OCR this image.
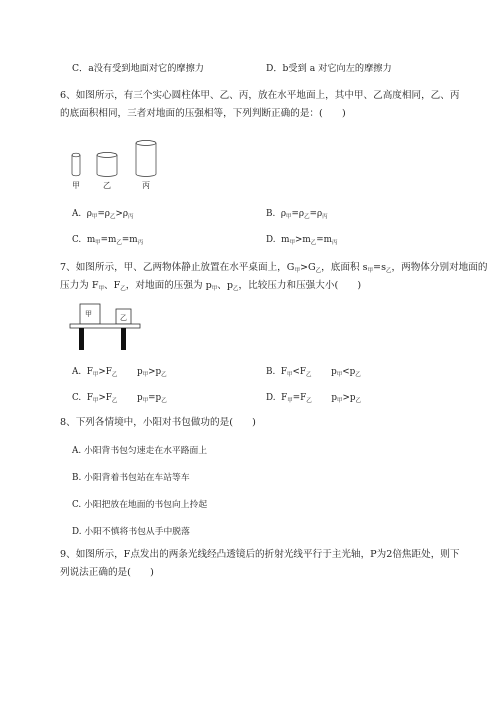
C．a没有受到地面对它的摩擦力	D．b受到 a 对它向左的摩擦力
6、如图所示，有三个实心圆柱体甲、乙、丙，放在水平地面上，其中甲、乙高度相同，乙、丙的底面积相同，三者对地面的压强相等，下列判断正确的是：(　　)
甲	乙	丙
A. $\rho_甲=\rho_乙>\rho_丙$	B. $\rho_甲=\rho_乙=\rho_丙$
C. $m_甲=m_乙=m_丙$	D. $m_甲>m_乙=m_丙$
7、如图所示，甲、乙两物体静止放置在水平桌面上，$G_甲>G_乙$，底面积 $s_甲=s_乙$，两物体分别对地面的
压力为 $F_甲$、$F_乙$，对地面的压强为 $p_甲$、$p_乙$，比较压力和压强大小(　　)
甲	乙
A. $F_甲>F_乙$ $p_甲>p_乙$	B. $F_甲<F_乙$ $p_甲<p_乙$
C. $F_甲>F_乙$ $p_甲=p_乙$	D. $F_甲=F_乙$ $p_甲>p_乙$
8、下列各情境中，小阳对书包做功的是(　　)
A. 小阳背书包匀速走在水平路面上
B. 小阳背着书包站在车站等车
C. 小阳把放在地面的书包向上拎起
D. 小阳不慎将书包从手中脱落
9、如图所示，F点发出的两条光线经凸透镜后的折射光线平行于主光轴，P为2倍焦距处，则下列说法正确的是(　　)
